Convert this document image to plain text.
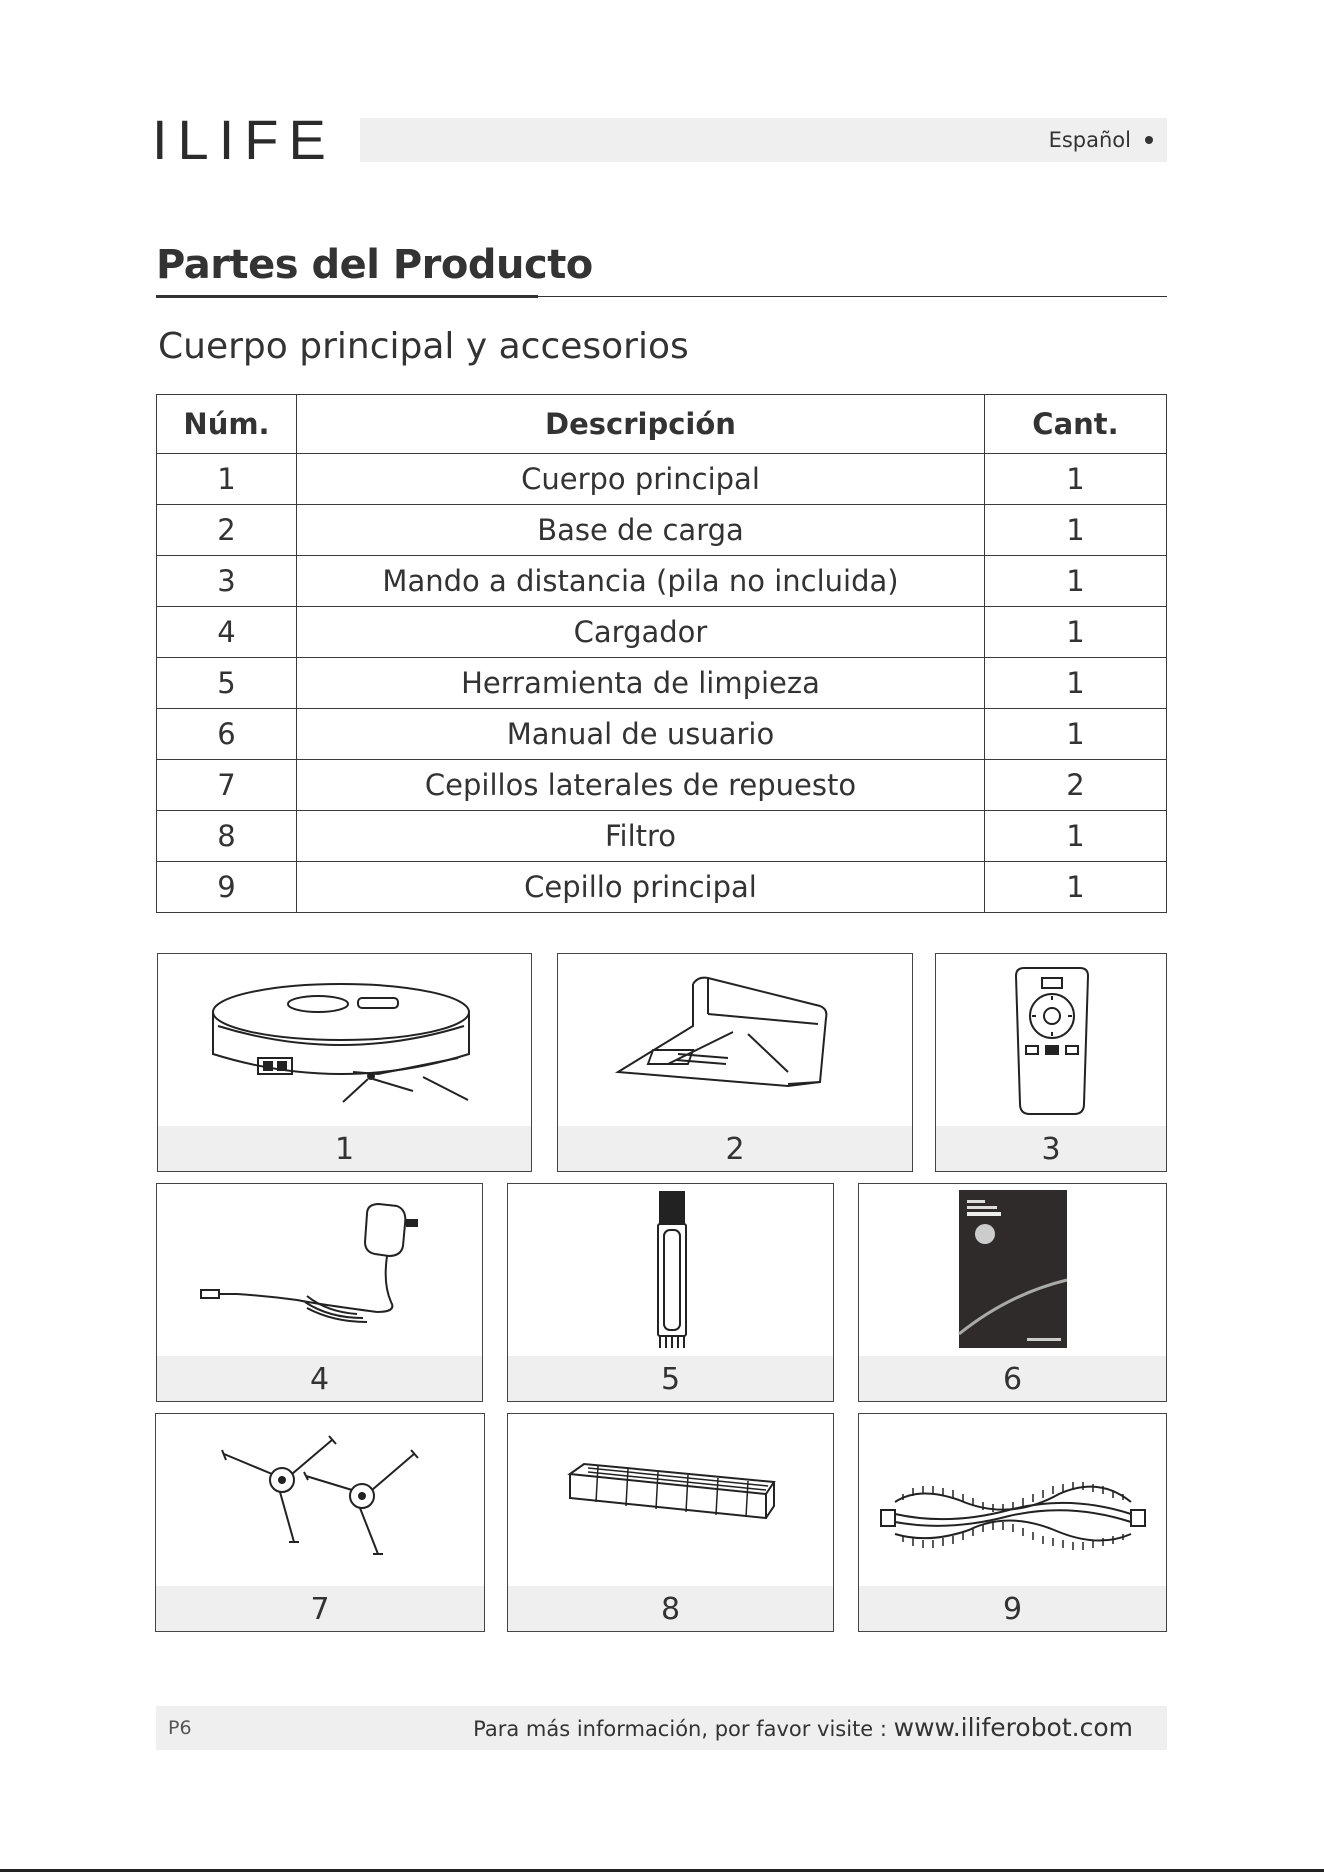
ILIFE	Español
Partes del Producto
Cuerpo principal y accesorios
Núm.	Descripción	Cant.
1	Cuerpo principal	1
2	Base de carga	1
3	Mando a distancia (pila no incluida)	1
4	Cargador	1
5	Herramienta de limpieza	1
6	Manual de usuario	1
7	Cepillos laterales de repuesto	2
8	Filtro	1
9	Cepillo principal	1
1	2	3
4	5	6
7	8	9
P6	Para más información, por favor visite : www.iliferobot.com
